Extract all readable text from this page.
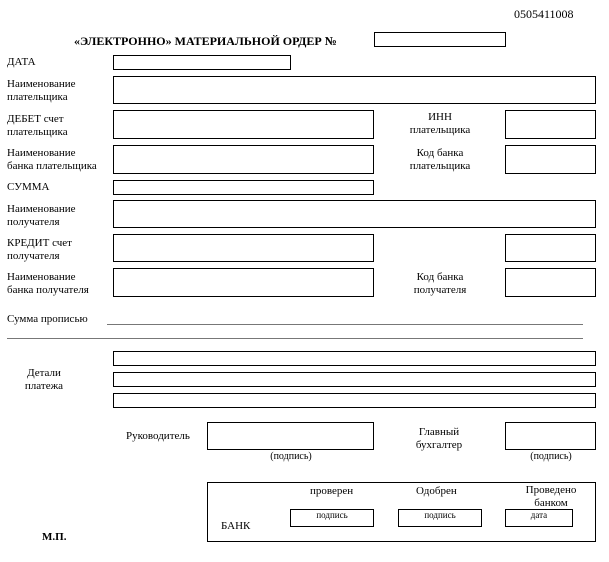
0505411008
«ЭЛЕКТРОННО» МАТЕРИАЛЬНОЙ ОРДЕР №
ДАТА
Наименование
плательщика
ДЕБЕТ счет
плательщика
ИНН
плательщика
Наименование
банка плательщика
Код банка
плательщика
СУММА
Наименование
получателя
КРЕДИТ счет
получателя
Наименование
банка получателя
Код банка
получателя
Сумма прописью
Детали
платежа
Руководитель
(подпись)
Главный
бухгалтер
(подпись)
проверен	Одобрен	Проведено
банком
БАНК
подпись	подпись	дата
М.П.
